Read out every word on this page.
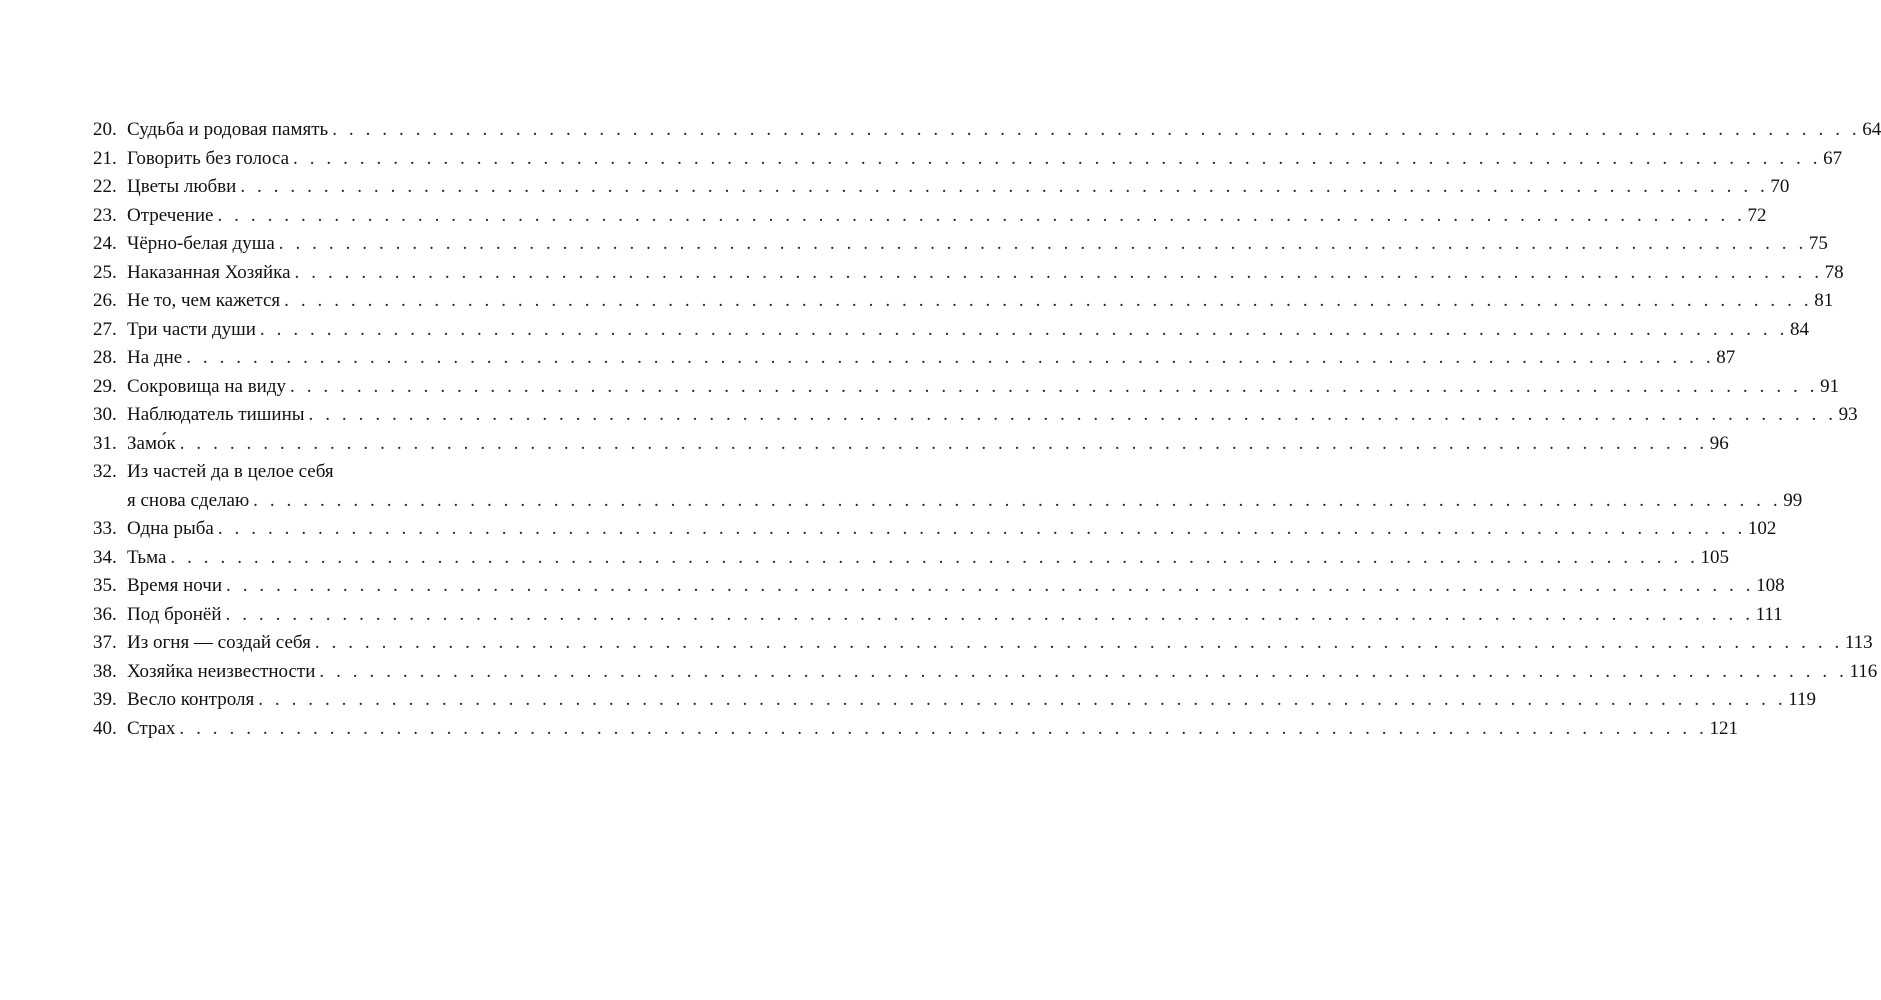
20. Судьба и родовая память . . . . . . . . . . . . . . . . . . . . . . . . . . . . . . . . . . . . . . . . . . . . . . . . . . . . . . . . . . . . . . . . . . . . . . . . . . . . . . . . . . . . . . . . . . . . 64
21. Говорить без голоса . . . . . . . . . . . . . . . . . . . . . . . . . . . . . . . . . . . . . . . . . . . . . . . . . . . . . . . . . . . . . . . . . . . . . . . . . . . . . . . . . . . . . . . . . . . . 67
22. Цветы любви . . . . . . . . . . . . . . . . . . . . . . . . . . . . . . . . . . . . . . . . . . . . . . . . . . . . . . . . . . . . . . . . . . . . . . . . . . . . . . . . . . . . . . . . . . . . 70
23. Отречение . . . . . . . . . . . . . . . . . . . . . . . . . . . . . . . . . . . . . . . . . . . . . . . . . . . . . . . . . . . . . . . . . . . . . . . . . . . . . . . . . . . . . . . . . . . . 72
24. Чёрно-белая душа . . . . . . . . . . . . . . . . . . . . . . . . . . . . . . . . . . . . . . . . . . . . . . . . . . . . . . . . . . . . . . . . . . . . . . . . . . . . . . . . . . . . . . . . . . . . 75
25. Наказанная Хозяйка . . . . . . . . . . . . . . . . . . . . . . . . . . . . . . . . . . . . . . . . . . . . . . . . . . . . . . . . . . . . . . . . . . . . . . . . . . . . . . . . . . . . . . . . . . . . 78
26. Не то, чем кажется . . . . . . . . . . . . . . . . . . . . . . . . . . . . . . . . . . . . . . . . . . . . . . . . . . . . . . . . . . . . . . . . . . . . . . . . . . . . . . . . . . . . . . . . . . . . 81
27. Три части души . . . . . . . . . . . . . . . . . . . . . . . . . . . . . . . . . . . . . . . . . . . . . . . . . . . . . . . . . . . . . . . . . . . . . . . . . . . . . . . . . . . . . . . . . . . . 84
28. На дне . . . . . . . . . . . . . . . . . . . . . . . . . . . . . . . . . . . . . . . . . . . . . . . . . . . . . . . . . . . . . . . . . . . . . . . . . . . . . . . . . . . . . . . . . . . . 87
29. Сокровища на виду . . . . . . . . . . . . . . . . . . . . . . . . . . . . . . . . . . . . . . . . . . . . . . . . . . . . . . . . . . . . . . . . . . . . . . . . . . . . . . . . . . . . . . . . . . . . 91
30. Наблюдатель тишины . . . . . . . . . . . . . . . . . . . . . . . . . . . . . . . . . . . . . . . . . . . . . . . . . . . . . . . . . . . . . . . . . . . . . . . . . . . . . . . . . . . . . . . . . . . . 93
31. Замо́к . . . . . . . . . . . . . . . . . . . . . . . . . . . . . . . . . . . . . . . . . . . . . . . . . . . . . . . . . . . . . . . . . . . . . . . . . . . . . . . . . . . . . . . . . . . . 96
32. Из частей да в целое себя
я снова сделаю . . . . . . . . . . . . . . . . . . . . . . . . . . . . . . . . . . . . . . . . . . . . . . . . . . . . . . . . . . . . . . . . . . . . . . . . . . . . . . . . . . . . . . . . . . . . 99
33. Одна рыба . . . . . . . . . . . . . . . . . . . . . . . . . . . . . . . . . . . . . . . . . . . . . . . . . . . . . . . . . . . . . . . . . . . . . . . . . . . . . . . . . . . . . . . . . . . . 102
34. Тьма . . . . . . . . . . . . . . . . . . . . . . . . . . . . . . . . . . . . . . . . . . . . . . . . . . . . . . . . . . . . . . . . . . . . . . . . . . . . . . . . . . . . . . . . . . . . 105
35. Время ночи . . . . . . . . . . . . . . . . . . . . . . . . . . . . . . . . . . . . . . . . . . . . . . . . . . . . . . . . . . . . . . . . . . . . . . . . . . . . . . . . . . . . . . . . . . . . 108
36. Под бронёй . . . . . . . . . . . . . . . . . . . . . . . . . . . . . . . . . . . . . . . . . . . . . . . . . . . . . . . . . . . . . . . . . . . . . . . . . . . . . . . . . . . . . . . . . . . . 111
37. Из огня — создай себя . . . . . . . . . . . . . . . . . . . . . . . . . . . . . . . . . . . . . . . . . . . . . . . . . . . . . . . . . . . . . . . . . . . . . . . . . . . . . . . . . . . . . . . . . . . . 113
38. Хозяйка неизвестности . . . . . . . . . . . . . . . . . . . . . . . . . . . . . . . . . . . . . . . . . . . . . . . . . . . . . . . . . . . . . . . . . . . . . . . . . . . . . . . . . . . . . . . . . . . . 116
39. Весло контроля . . . . . . . . . . . . . . . . . . . . . . . . . . . . . . . . . . . . . . . . . . . . . . . . . . . . . . . . . . . . . . . . . . . . . . . . . . . . . . . . . . . . . . . . . . . . 119
40. Страх . . . . . . . . . . . . . . . . . . . . . . . . . . . . . . . . . . . . . . . . . . . . . . . . . . . . . . . . . . . . . . . . . . . . . . . . . . . . . . . . . . . . . . . . . . . . 121
